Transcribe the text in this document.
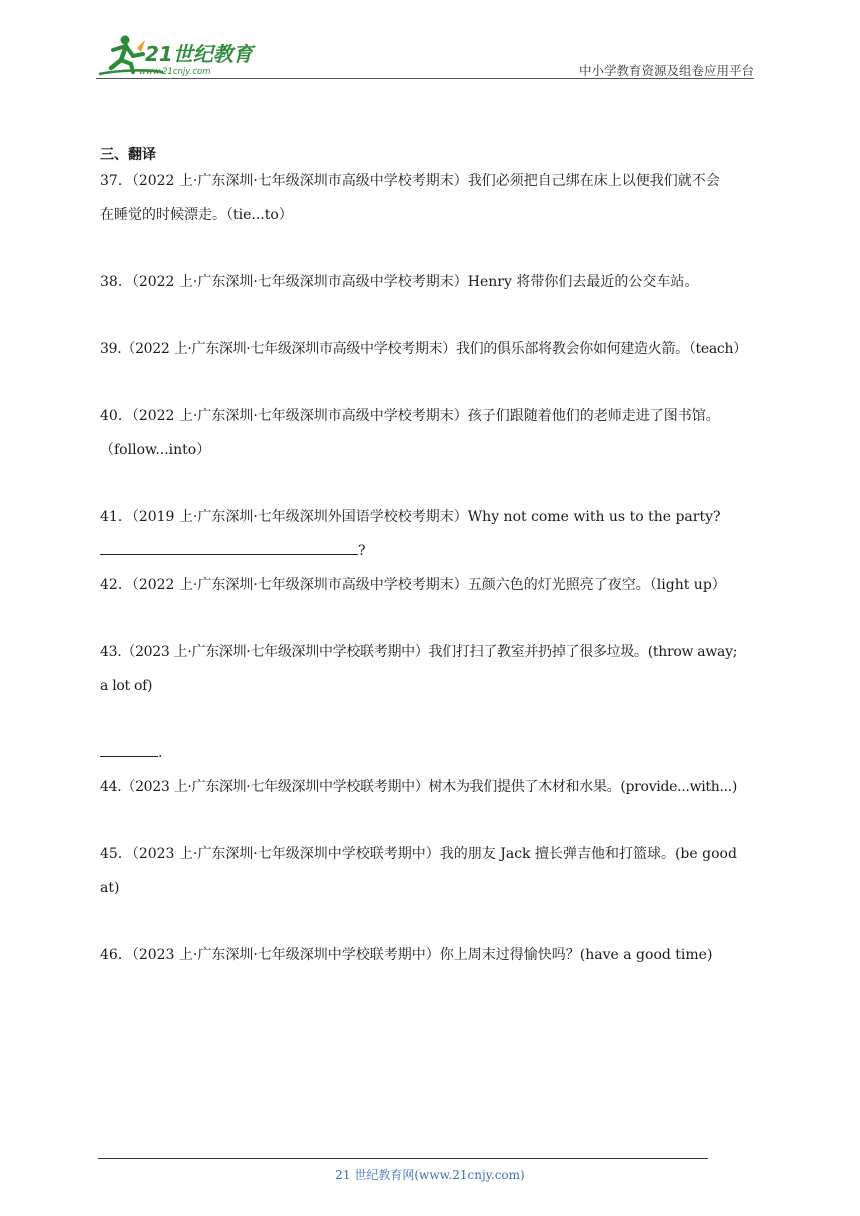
21世纪教育
www.21cnjy.com	中小学教育资源及组卷应用平台
三、翻译
37．（2022 上·广东深圳·七年级深圳市高级中学校考期末）我们必须把自己绑在床上以便我们就不会
在睡觉的时候漂走。（tie...to）
38．（2022 上·广东深圳·七年级深圳市高级中学校考期末）Henry 将带你们去最近的公交车站。
39.（2022 上·广东深圳·七年级深圳市高级中学校考期末）我们的俱乐部将教会你如何建造火箭。（teach）
40．（2022 上·广东深圳·七年级深圳市高级中学校考期末）孩子们跟随着他们的老师走进了图书馆。
（follow...into）
41．（2019 上·广东深圳·七年级深圳外国语学校校考期末）Why not come with us to the party?
?
42．（2022 上·广东深圳·七年级深圳市高级中学校考期末）五颜六色的灯光照亮了夜空。（light up）
43.（2023 上·广东深圳·七年级深圳中学校联考期中）我们打扫了教室并扔掉了很多垃圾。(throw away;
a lot of)
.
44.（2023 上·广东深圳·七年级深圳中学校联考期中）树木为我们提供了木材和水果。(provide...with...)
45．（2023 上·广东深圳·七年级深圳中学校联考期中）我的朋友 Jack 擅长弹吉他和打篮球。(be good
at)
46．（2023 上·广东深圳·七年级深圳中学校联考期中）你上周末过得愉快吗？(have a good time)
21 世纪教育网(www.21cnjy.com)
